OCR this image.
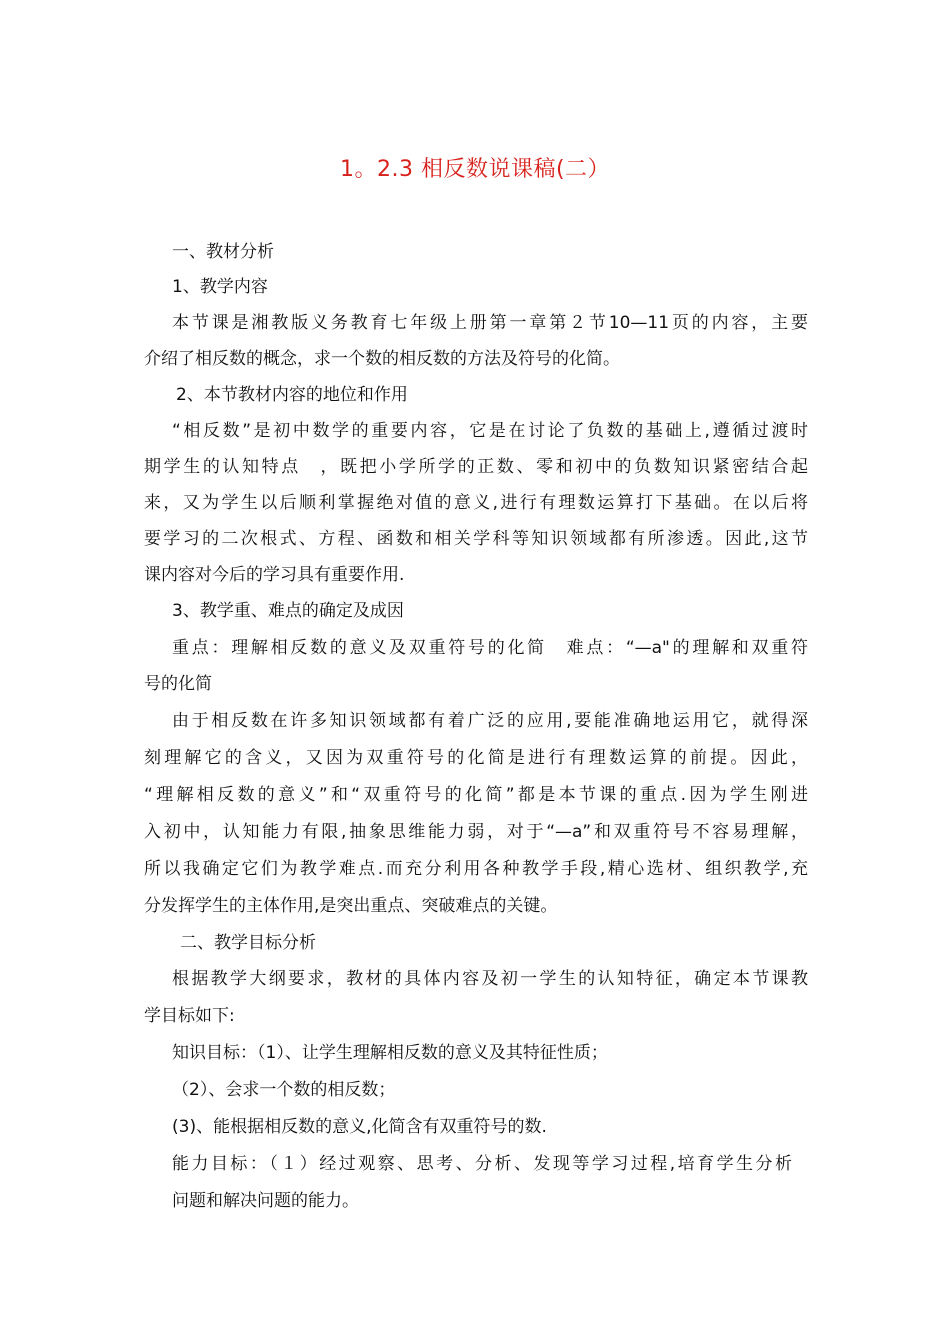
1。2.3 相反数说课稿(二）
一、教材分析
1、教学内容
本节课是湘教版义务教育七年级上册第一章第２节10—11页的内容，主要
介绍了相反数的概念，求一个数的相反数的方法及符号的化简。
2、本节教材内容的地位和作用
“相反数”是初中数学的重要内容，它是在讨论了负数的基础上,遵循过渡时
期学生的认知特点　，既把小学所学的正数、零和初中的负数知识紧密结合起
来，又为学生以后顺利掌握绝对值的意义,进行有理数运算打下基础。在以后将
要学习的二次根式、方程、函数和相关学科等知识领域都有所渗透。因此,这节
课内容对今后的学习具有重要作用.
3、教学重、难点的确定及成因
重点：理解相反数的意义及双重符号的化简　难点：“—a"的理解和双重符
号的化简
由于相反数在许多知识领域都有着广泛的应用,要能准确地运用它，就得深
刻理解它的含义，又因为双重符号的化简是进行有理数运算的前提。因此，
“理解相反数的意义”和“双重符号的化简”都是本节课的重点.因为学生刚进
入初中，认知能力有限,抽象思维能力弱，对于“—a”和双重符号不容易理解，
所以我确定它们为教学难点.而充分利用各种教学手段,精心选材、组织教学,充
分发挥学生的主体作用,是突出重点、突破难点的关键。
二、教学目标分析
根据教学大纲要求，教材的具体内容及初一学生的认知特征，确定本节课教
学目标如下:
知识目标：（1）、让学生理解相反数的意义及其特征性质；
（2）、会求一个数的相反数；
(3)、能根据相反数的意义,化简含有双重符号的数.
能力目标：（１）经过观察、思考、分析、发现等学习过程,培育学生分析
问题和解决问题的能力。
